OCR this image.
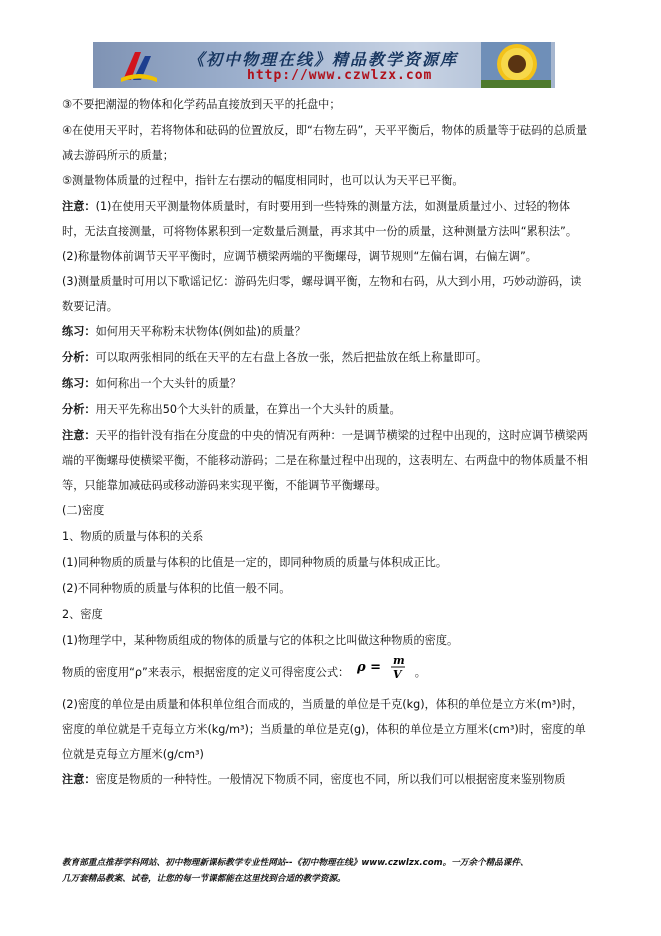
《初中物理在线》精品教学资源库
http://www.czwlzx.com

③不要把潮湿的物体和化学药品直接放到天平的托盘中；

④在使用天平时，若将物体和砝码的位置放反，即“右物左码”，天平平衡后，物体的质量等于砝码的总质量减去游码所示的质量；

⑤测量物体质量的过程中，指针左右摆动的幅度相同时，也可以认为天平已平衡。

注意：(1)在使用天平测量物体质量时，有时要用到一些特殊的测量方法，如测量质量过小、过轻的物体时，无法直接测量，可将物体累积到一定数量后测量，再求其中一份的质量，这种测量方法叫“累积法”。(2)称量物体前调节天平平衡时，应调节横梁两端的平衡螺母，调节规则“左偏右调，右偏左调”。

(3)测量质量时可用以下歌谣记忆：游码先归零，螺母调平衡，左物和右码，从大到小用，巧妙动游码，读数要记清。

练习：如何用天平称粉末状物体(例如盐)的质量？

分析：可以取两张相同的纸在天平的左右盘上各放一张，然后把盐放在纸上称量即可。

练习：如何称出一个大头针的质量？

分析：用天平先称出50个大头针的质量，在算出一个大头针的质量。

注意：天平的指针没有指在分度盘的中央的情况有两种：一是调节横梁的过程中出现的，这时应调节横梁两端的平衡螺母使横梁平衡，不能移动游码；二是在称量过程中出现的，这表明左、右两盘中的物体质量不相等，只能靠加减砝码或移动游码来实现平衡，不能调节平衡螺母。

(二)密度

1、物质的质量与体积的关系

(1)同种物质的质量与体积的比值是一定的，即同种物质的质量与体积成正比。

(2)不同种物质的质量与体积的比值一般不同。

2、密度

(1)物理学中，某种物质组成的物体的质量与它的体积之比叫做这种物质的密度。

物质的密度用“ρ”来表示，根据密度的定义可得密度公式： ρ = m
V 。

(2)密度的单位是由质量和体积单位组合而成的，当质量的单位是千克(kg)，体积的单位是立方米(m³)时，密度的单位就是千克每立方米(kg/m³)；当质量的单位是克(g)，体积的单位是立方厘米(cm³)时，密度的单位就是克每立方厘米(g/cm³)

注意：密度是物质的一种特性。一般情况下物质不同，密度也不同，所以我们可以根据密度来鉴别物质

教育部重点推荐学科网站、初中物理新课标教学专业性网站--《初中物理在线》www.czwlzx.com。一万余个精品课件、
几万套精品教案、试卷，让您的每一节课都能在这里找到合适的教学资源。
